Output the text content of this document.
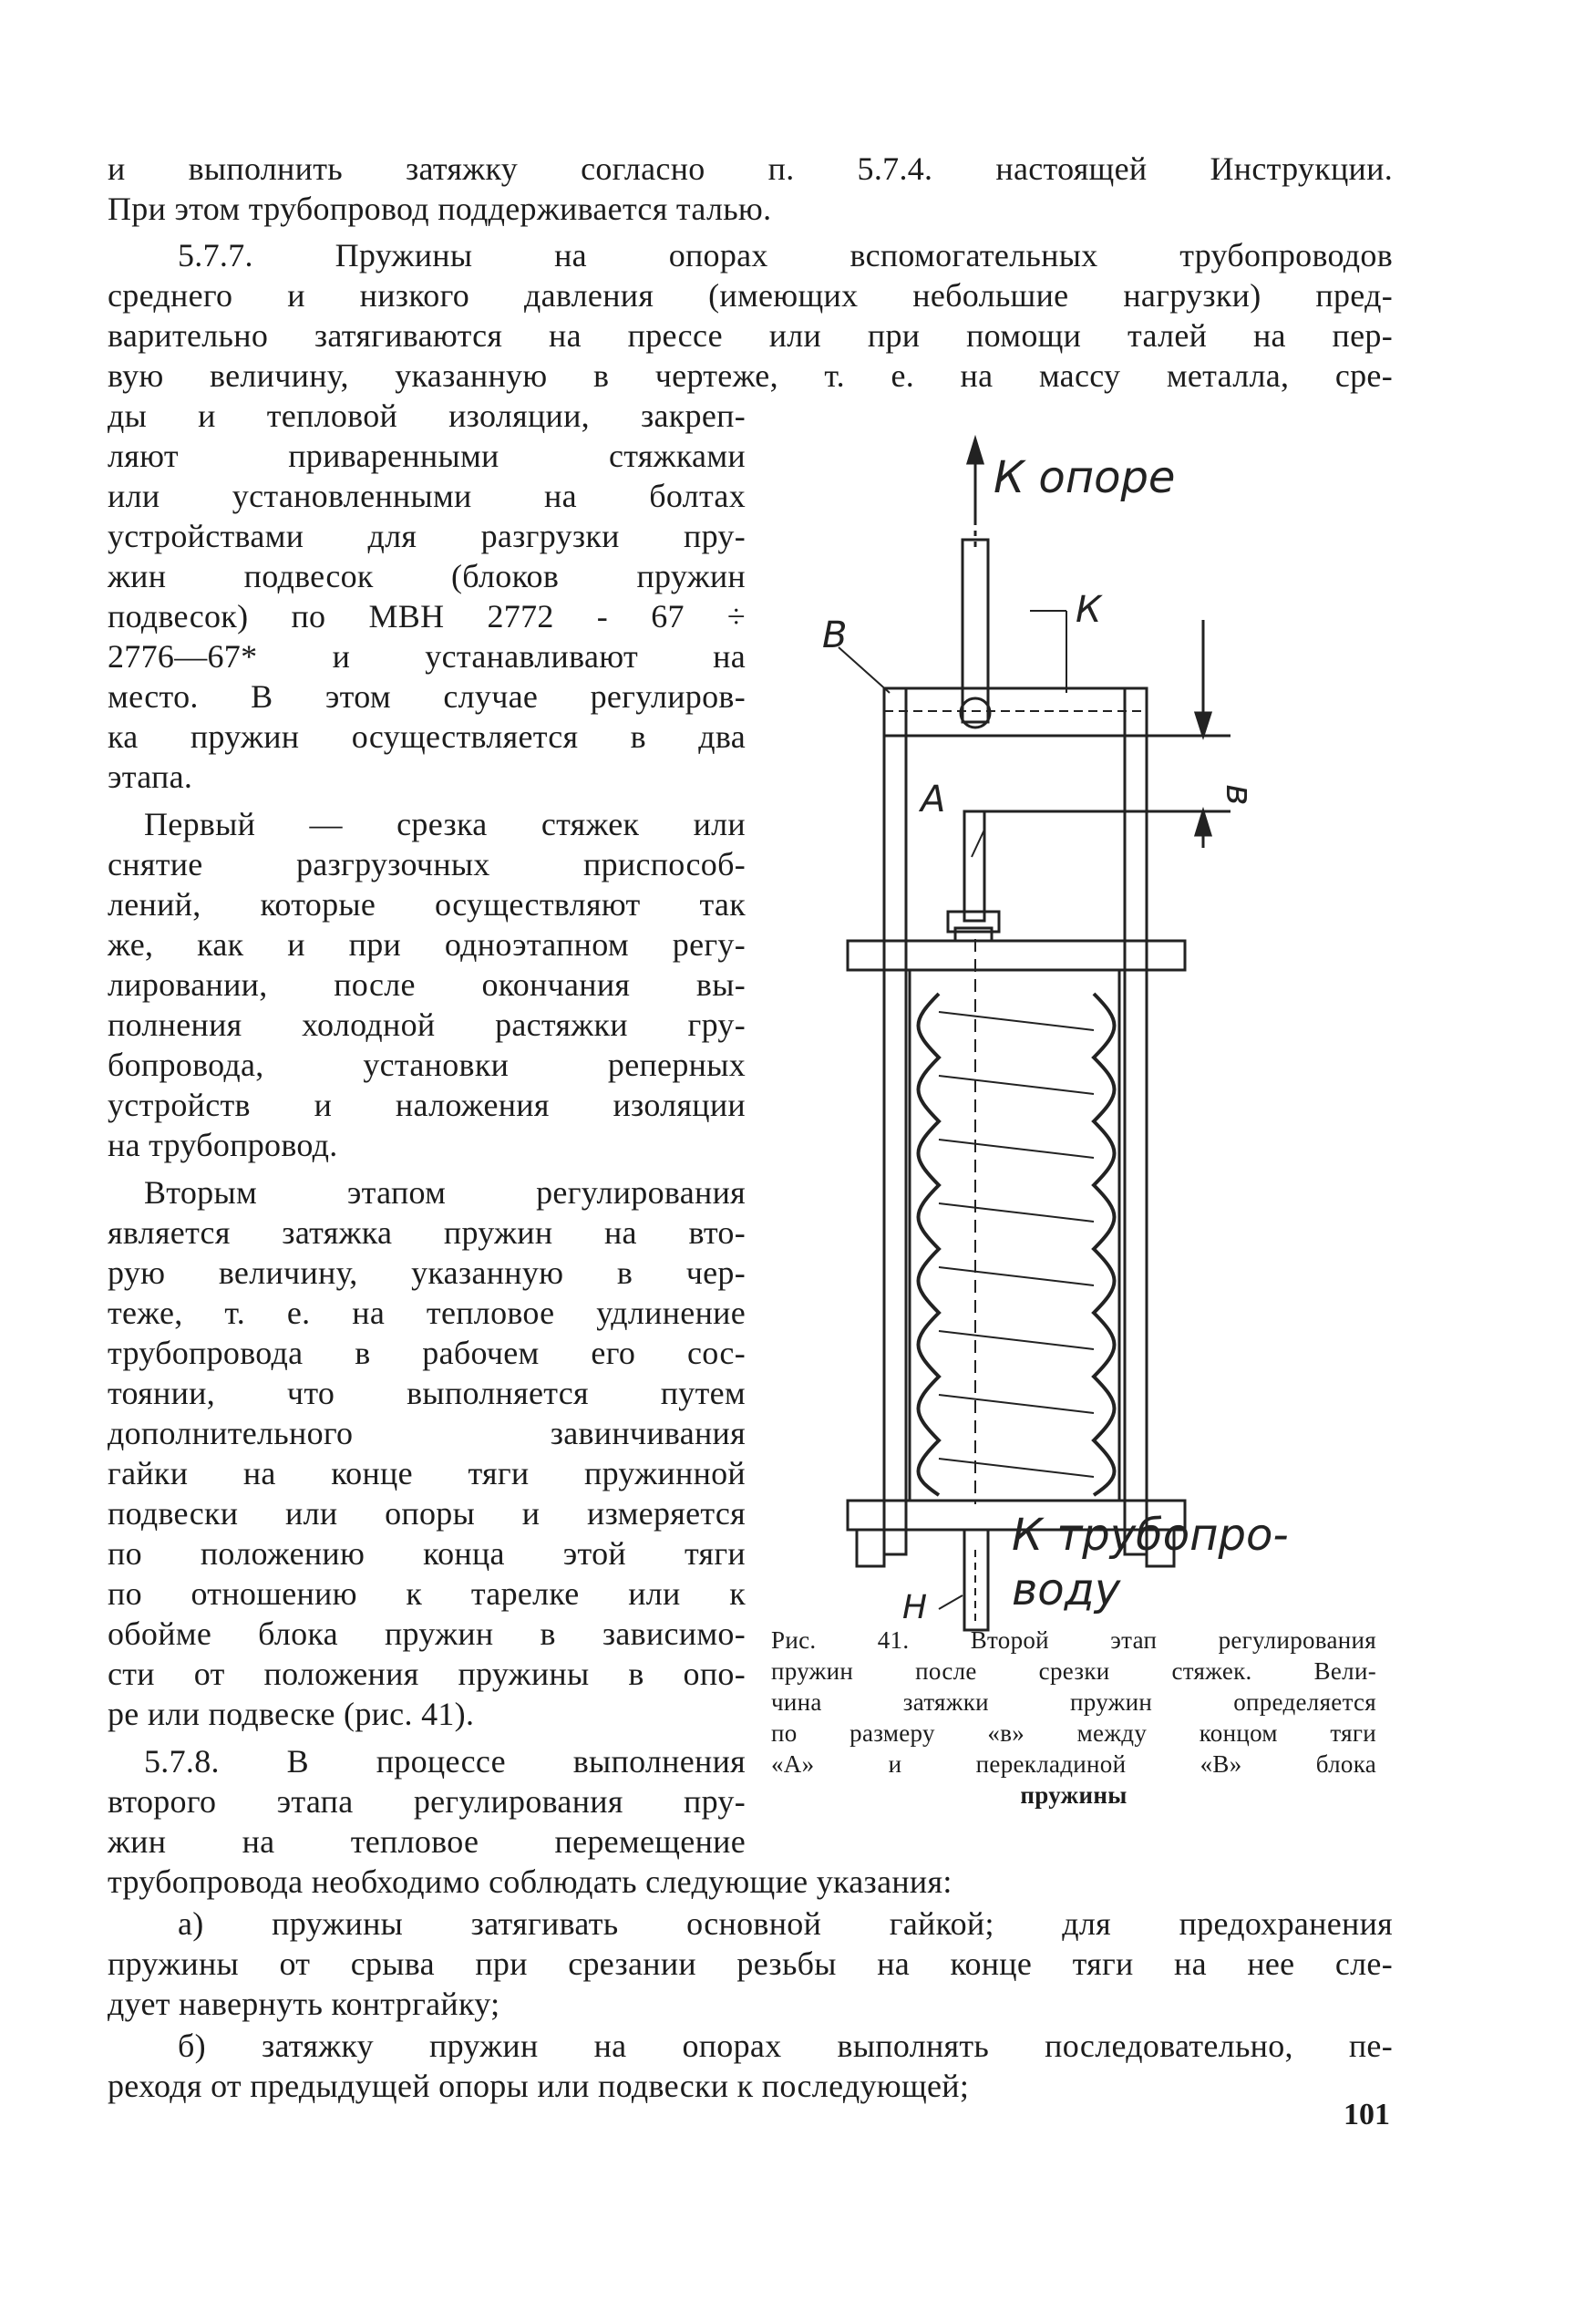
и выполнить затяжку согласно п. 5.7.4. настоящей Инструкции.

При этом трубопровод поддерживается талью.

5.7.7. Пружины на опорах вспомогательных трубопроводов

среднего и низкого давления (имеющих небольшие нагрузки) пред-

варительно затягиваются на прессе или при помощи талей на пер-

вую величину, указанную в чертеже, т. е. на массу металла, сре-

ды и тепловой изоляции, закреп-

ляют приваренными стяжками

или установленными на болтах

устройствами для разгрузки пру-

жин подвесок (блоков пружин

подвесок) по МВН 2772 - 67 ÷

2776—67* и устанавливают на

место. В этом случае регулиров-

ка пружин осуществляется в два

этапа.

Первый — срезка стяжек или

снятие разгрузочных приспособ-

лений, которые осуществляют так

же, как и при одноэтапном регу-

лировании, после окончания вы-

полнения холодной растяжки гру-

бопровода, установки реперных

устройств и наложения изоляции

на трубопровод.

Вторым этапом регулирования

является затяжка пружин на вто-

рую величину, указанную в чер-

теже, т. е. на тепловое удлинение

трубопровода в рабочем его сос-

тоянии, что выполняется путем

дополнительного завинчивания

гайки на конце тяги пружинной

подвески или опоры и измеряется

по положению конца этой тяги

по отношению к тарелке или к

обойме блока пружин в зависимо-

сти от положения пружины в опо-

ре или подвеске (рис. 41).

5.7.8. В процессе выполнения

второго этапа регулирования пру-

жин на тепловое перемещение

трубопровода необходимо соблюдать следующие указания:

а) пружины затягивать основной гайкой; для предохранения

пружины от срыва при срезании резьбы на конце тяги на нее сле-

дует навернуть контргайку;

б) затяжку пружин на опорах выполнять последовательно, пе-

реходя от предыдущей опоры или подвески к последующей;

Рис. 41. Второй этап регулирования

пружин после срезки стяжек. Вели-

чина затяжки пружин определяется

по размеру «в» между концом тяги

«А» и перекладиной «В» блока

пружины

101
К опоре
В
К
А	в
Н
К трубопро-
воду
